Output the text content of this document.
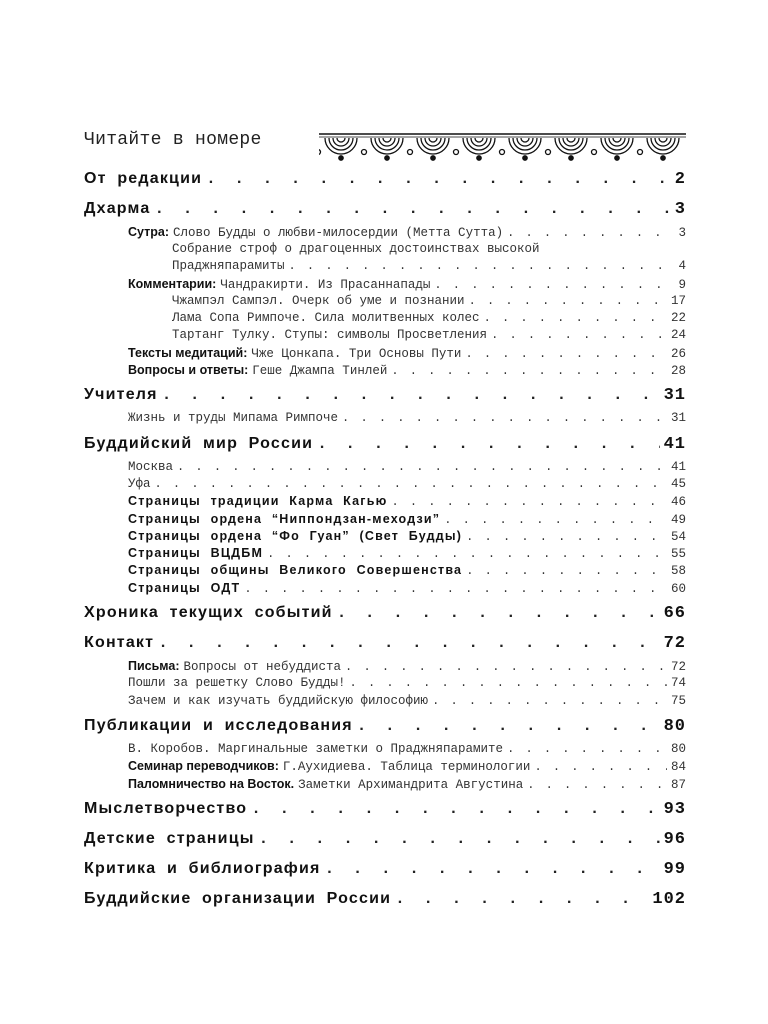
Читайте в номере
От редакции . . .	2
Дхарма . . .	3
Сутра: Слово Будды о любви-милосердии (Метта Сутта) . . .	3
Собрание строф о драгоценных достоинствах высокой
Праджняпарамиты . . .	4
Комментарии: Чандракирти. Из Прасаннапады . . .	9
Чжампэл Сампэл. Очерк об уме и познании . . .	17
Лама Сопа Римпоче. Сила молитвенных колес . . .	22
Тартанг Тулку. Ступы: символы Просветления . . .	24
Тексты медитаций: Чже Цонкапа. Три Основы Пути . . .	26
Вопросы и ответы: Геше Джампа Тинлей . . .	28
Учителя . . .	31
Жизнь и труды Мипама Римпоче . . .	31
Буддийский мир России . . .	41
Москва . . .	41
Уфа . . .	45
Страницы традиции Карма Кагью . . .	46
Страницы ордена “Ниппондзан-меходзи” . . .	49
Страницы ордена “Фо Гуан” (Свет Будды) . . .	54
Страницы ВЦДБМ . . .	55
Страницы общины Великого Совершенства . . .	58
Страницы ОДТ . . .	60
Хроника текущих событий . . .	66
Контакт . . .	72
Письма: Вопросы от небуддиста . . .	72
Пошли за решетку Слово Будды! . . .	74
Зачем и как изучать буддийскую философию . . .	75
Публикации и исследования . . .	80
В. Коробов. Маргинальные заметки о Праджняпарамите . . .	80
Семинар переводчиков: Г.Аухидиева. Таблица терминологии . . .	84
Паломничество на Восток. Заметки Архимандрита Августина . . .	87
Мыслетворчество . . .	93
Детские страницы . . .	96
Критика и библиография . . .	99
Буддийские организации России . . .	102
